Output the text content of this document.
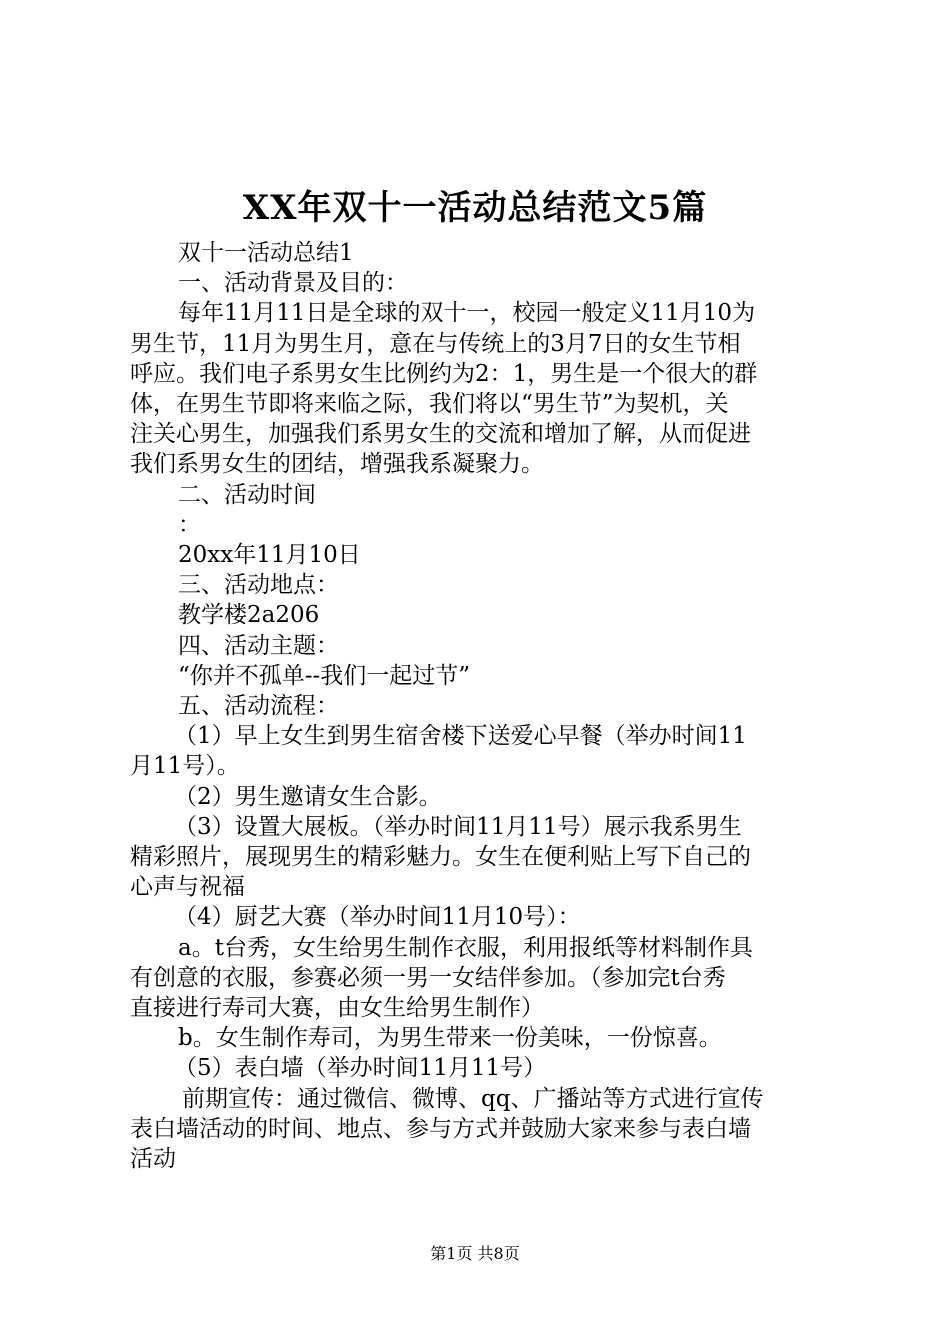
XX年双十一活动总结范文5篇

双十一活动总结1

一、活动背景及目的：

每年11月11日是全球的双十一，校园一般定义11月10为

男生节，11月为男生月，意在与传统上的3月7日的女生节相

呼应。我们电子系男女生比例约为2：1，男生是一个很大的群

体，在男生节即将来临之际，我们将以“男生节”为契机，关

注关心男生，加强我们系男女生的交流和增加了解，从而促进

我们系男女生的团结，增强我系凝聚力。

二、活动时间

：

20xx年11月10日

三、活动地点：

教学楼2a206

四、活动主题：

“你并不孤单--我们一起过节”

五、活动流程：

（1）早上女生到男生宿舍楼下送爱心早餐（举办时间11

月11号）。

（2）男生邀请女生合影。

（3）设置大展板。（举办时间11月11号）展示我系男生

精彩照片，展现男生的精彩魅力。女生在便利贴上写下自己的

心声与祝福

（4）厨艺大赛（举办时间11月10号）：

a。t台秀，女生给男生制作衣服，利用报纸等材料制作具

有创意的衣服，参赛必须一男一女结伴参加。（参加完t台秀

直接进行寿司大赛，由女生给男生制作）

b。女生制作寿司，为男生带来一份美味，一份惊喜。

（5）表白墙（举办时间11月11号）

前期宣传：通过微信、微博、qq、广播站等方式进行宣传

表白墙活动的时间、地点、参与方式并鼓励大家来参与表白墙

活动

第1页 共8页
